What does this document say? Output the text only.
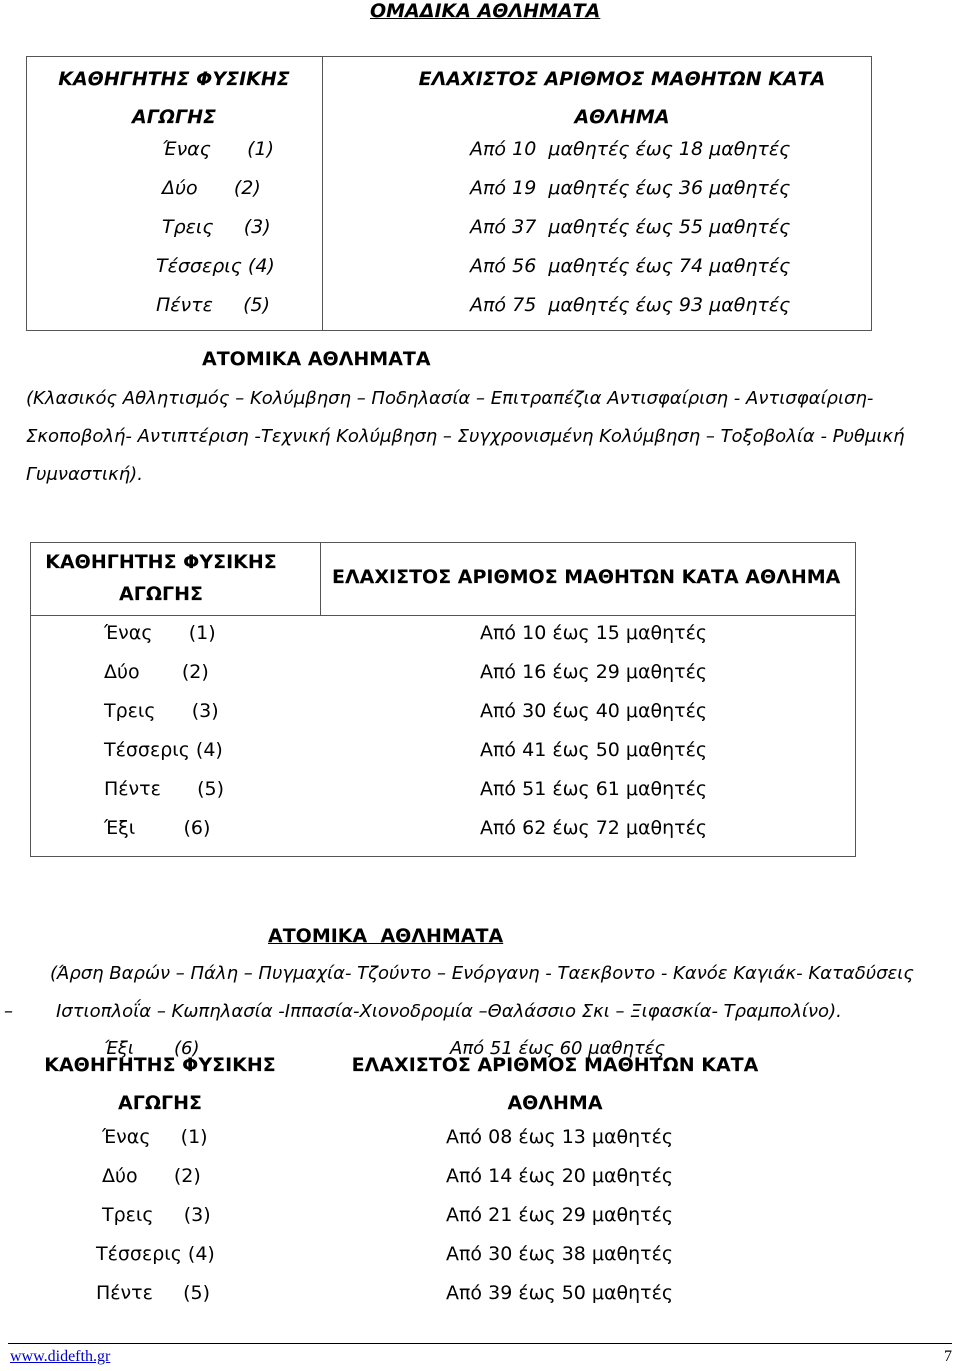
ΟΜΑΔΙΚΑ ΑΘΛΗΜΑΤΑ
ΚΑΘΗΓΗΤΗΣ ΦΥΣΙΚΗΣ
ΑΓΩΓΗΣ
ΕΛΑΧΙΣΤΟΣ ΑΡΙΘΜΟΣ ΜΑΘΗΤΩΝ ΚΑΤΑ
ΑΘΛΗΜΑ
Ένας      (1)	Από 10  μαθητές έως 18 μαθητές
Δύο      (2)	Από 19  μαθητές έως 36 μαθητές
Τρεις     (3)	Από 37  μαθητές έως 55 μαθητές
Τέσσερις (4)	Από 56  μαθητές έως 74 μαθητές
Πέντε     (5)	Από 75  μαθητές έως 93 μαθητές
ΑΤΟΜΙΚΑ ΑΘΛΗΜΑΤΑ
(Κλασικός Αθλητισμός – Κολύμβηση – Ποδηλασία – Επιτραπέζια Αντισφαίριση - Αντισφαίριση-
Σκοποβολή- Αντιπτέριση -Τεχνική Κολύμβηση – Συγχρονισμένη Κολύμβηση – Τοξοβολία - Ρυθμική
Γυμναστική).
ΚΑΘΗΓΗΤΗΣ ΦΥΣΙΚΗΣ
ΑΓΩΓΗΣ
ΕΛΑΧΙΣΤΟΣ ΑΡΙΘΜΟΣ ΜΑΘΗΤΩΝ ΚΑΤΑ ΑΘΛΗΜΑ
Ένας      (1)	Από 10 έως 15 μαθητές
Δύο       (2)	Από 16 έως 29 μαθητές
Τρεις      (3)	Από 30 έως 40 μαθητές
Τέσσερις (4)	Από 41 έως 50 μαθητές
Πέντε      (5)	Από 51 έως 61 μαθητές
Έξι        (6)	Από 62 έως 72 μαθητές
ΑΤΟΜΙΚΑ  ΑΘΛΗΜΑΤΑ
(Άρση Βαρών – Πάλη – Πυγμαχία- Τζούντο – Ενόργανη - Ταεκβοντο - Κανόε Καγιάκ- Καταδύσεις
– Ιστιοπλοΐα – Κωπηλασία -Ιππασία-Χιονοδρομία –Θαλάσσιο Σκι – Ξιφασκία- Τραμπολίνο).
Έξι       (6)	Από 51 έως 60 μαθητές
ΚΑΘΗΓΗΤΗΣ ΦΥΣΙΚΗΣ
ΑΓΩΓΗΣ
ΕΛΑΧΙΣΤΟΣ ΑΡΙΘΜΟΣ ΜΑΘΗΤΩΝ ΚΑΤΑ
ΑΘΛΗΜΑ
Ένας     (1)	Από 08 έως 13 μαθητές
Δύο      (2)	Από 14 έως 20 μαθητές
Τρεις     (3)	Από 21 έως 29 μαθητές
Τέσσερις (4)	Από 30 έως 38 μαθητές
Πέντε     (5)	Από 39 έως 50 μαθητές
www.didefth.gr	7
